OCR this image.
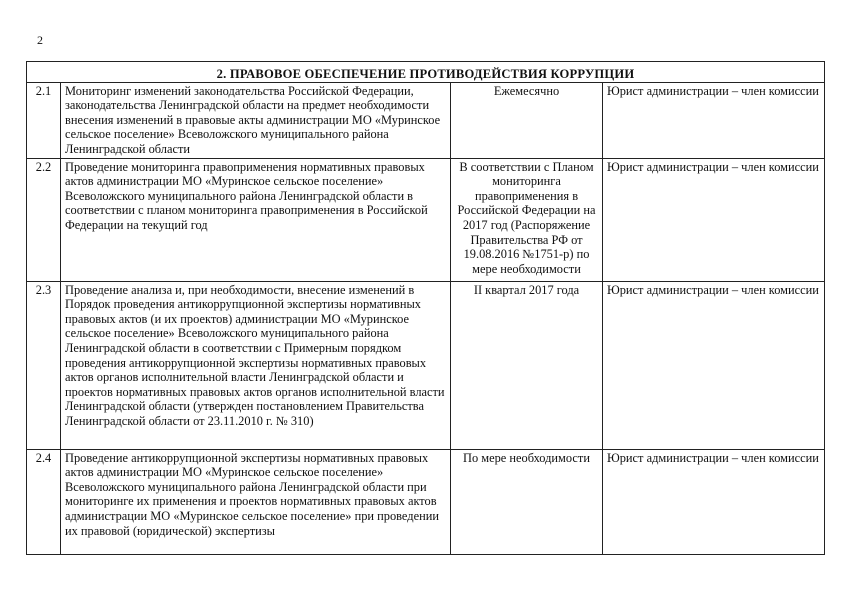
2
2. ПРАВОВОЕ ОБЕСПЕЧЕНИЕ ПРОТИВОДЕЙСТВИЯ КОРРУПЦИИ			
2.1	Мониторинг изменений законодательства Российской Федерации, законодательства Ленинградской области на предмет необходимости внесения изменений в правовые акты администрации МО «Муринское сельское поселение» Всеволожского муниципального района Ленинградской области	Ежемесячно	Юрист администрации – член комиссии
2.2	Проведение мониторинга правоприменения нормативных правовых актов администрации МО «Муринское сельское поселение» Всеволожского муниципального района Ленинградской области в соответствии с планом мониторинга правоприменения в Российской Федерации на текущий год	В соответствии с Планом мониторинга правоприменения в Российской Федерации на 2017 год (Распоряжение Правительства РФ от 19.08.2016 №1751-р) по мере необходимости	Юрист администрации – член комиссии
2.3	Проведение анализа и, при необходимости, внесение изменений в Порядок проведения антикоррупционной экспертизы нормативных правовых актов (и их проектов) администрации МО «Муринское сельское поселение» Всеволожского муниципального района Ленинградской области в соответствии с Примерным порядком проведения антикоррупционной экспертизы нормативных правовых актов органов исполнительной власти Ленинградской области и проектов нормативных правовых актов органов исполнительной власти Ленинградской области (утвержден постановлением Правительства Ленинградской области от 23.11.2010 г. № 310)	II квартал 2017 года	Юрист администрации – член комиссии
2.4	Проведение антикоррупционной экспертизы нормативных правовых актов администрации МО «Муринское сельское поселение» Всеволожского муниципального района Ленинградской области при мониторинге их применения и проектов нормативных правовых актов администрации МО «Муринское сельское поселение» при проведении их правовой (юридической) экспертизы	По мере необходимости	Юрист администрации – член комиссии
